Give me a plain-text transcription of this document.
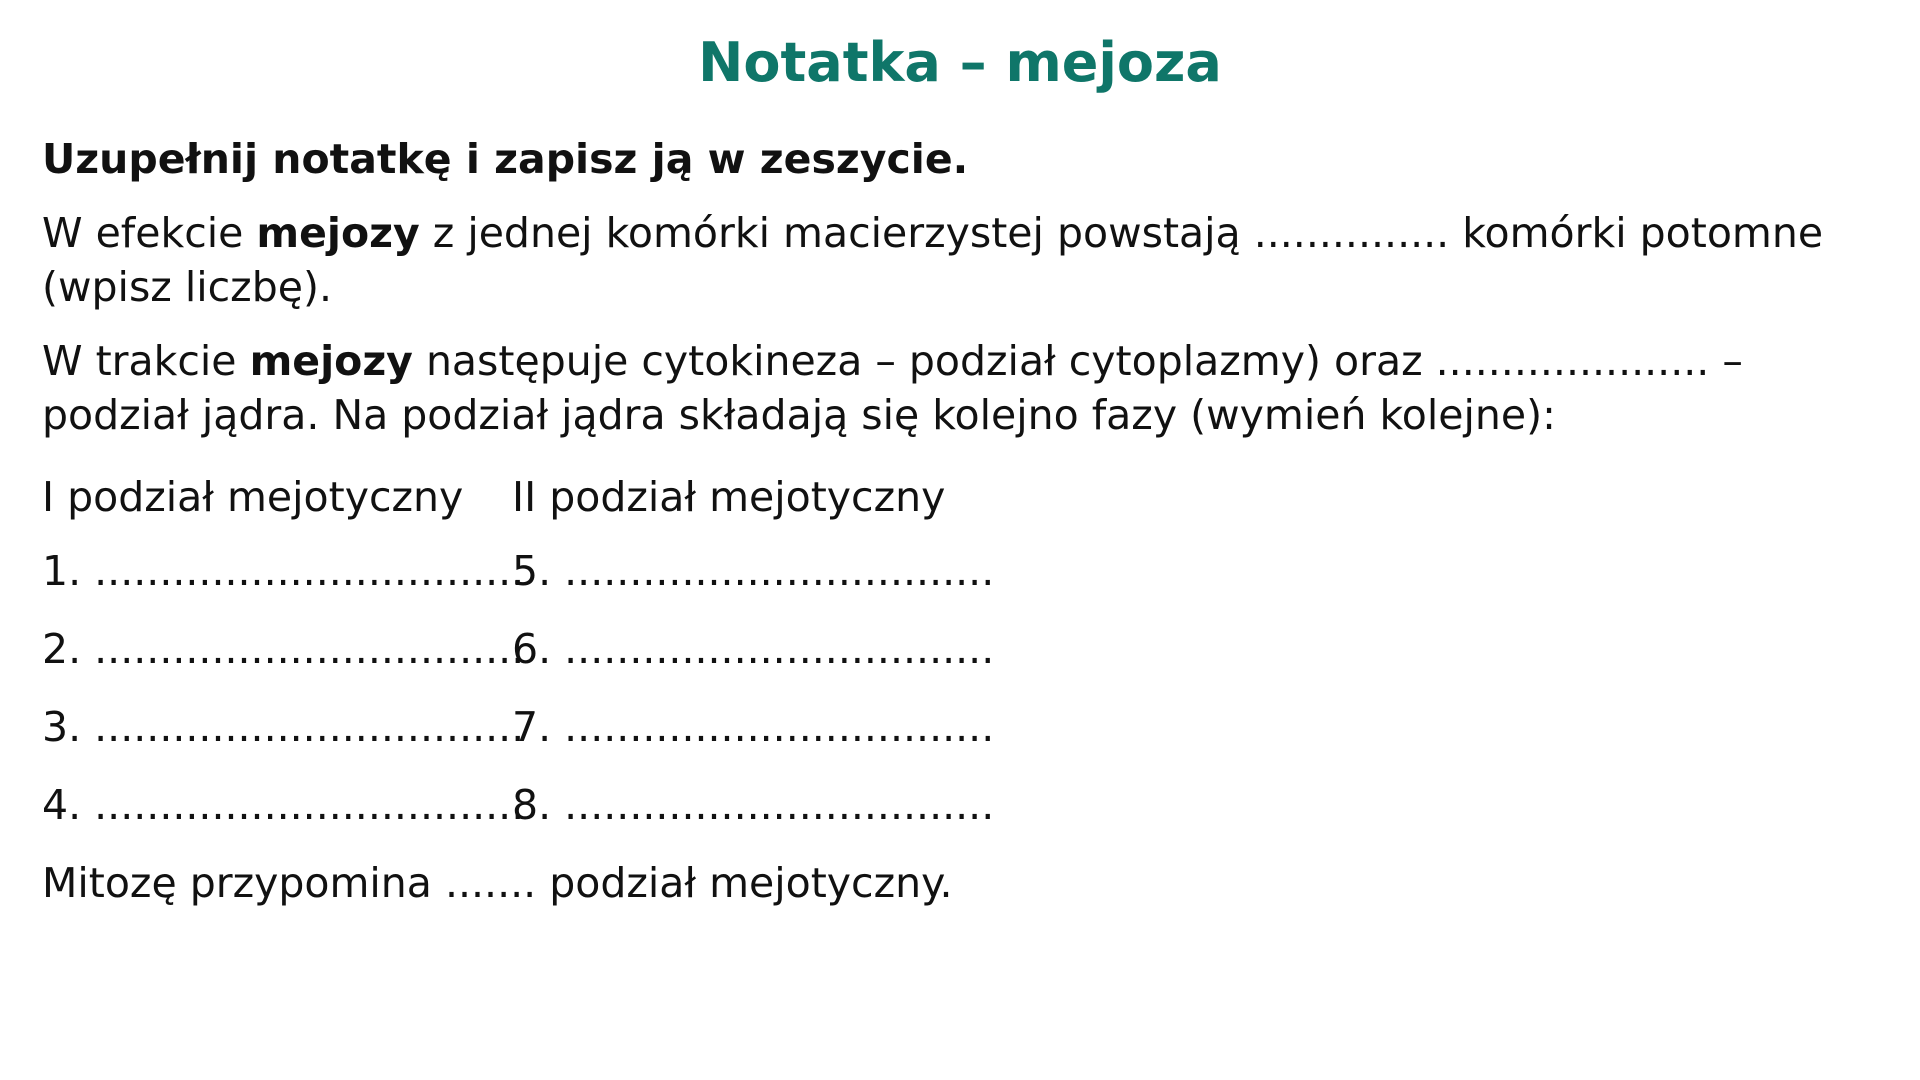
Notatka – mejoza
Uzupełnij notatkę i zapisz ją w zeszycie.
W efekcie mejozy z jednej komórki macierzystej powstają ............... komórki potomne (wpisz liczbę).
W trakcie mejozy następuje cytokineza – podział cytoplazmy) oraz ..................... – podział jądra. Na podział jądra składają się kolejno fazy (wymień kolejne):
I podział mejotyczny	II podział mejotyczny
1. .................................
5. .................................
2. .................................
6. .................................
3. .................................
7. .................................
4. .................................
8. .................................
Mitozę przypomina ....... podział mejotyczny.
